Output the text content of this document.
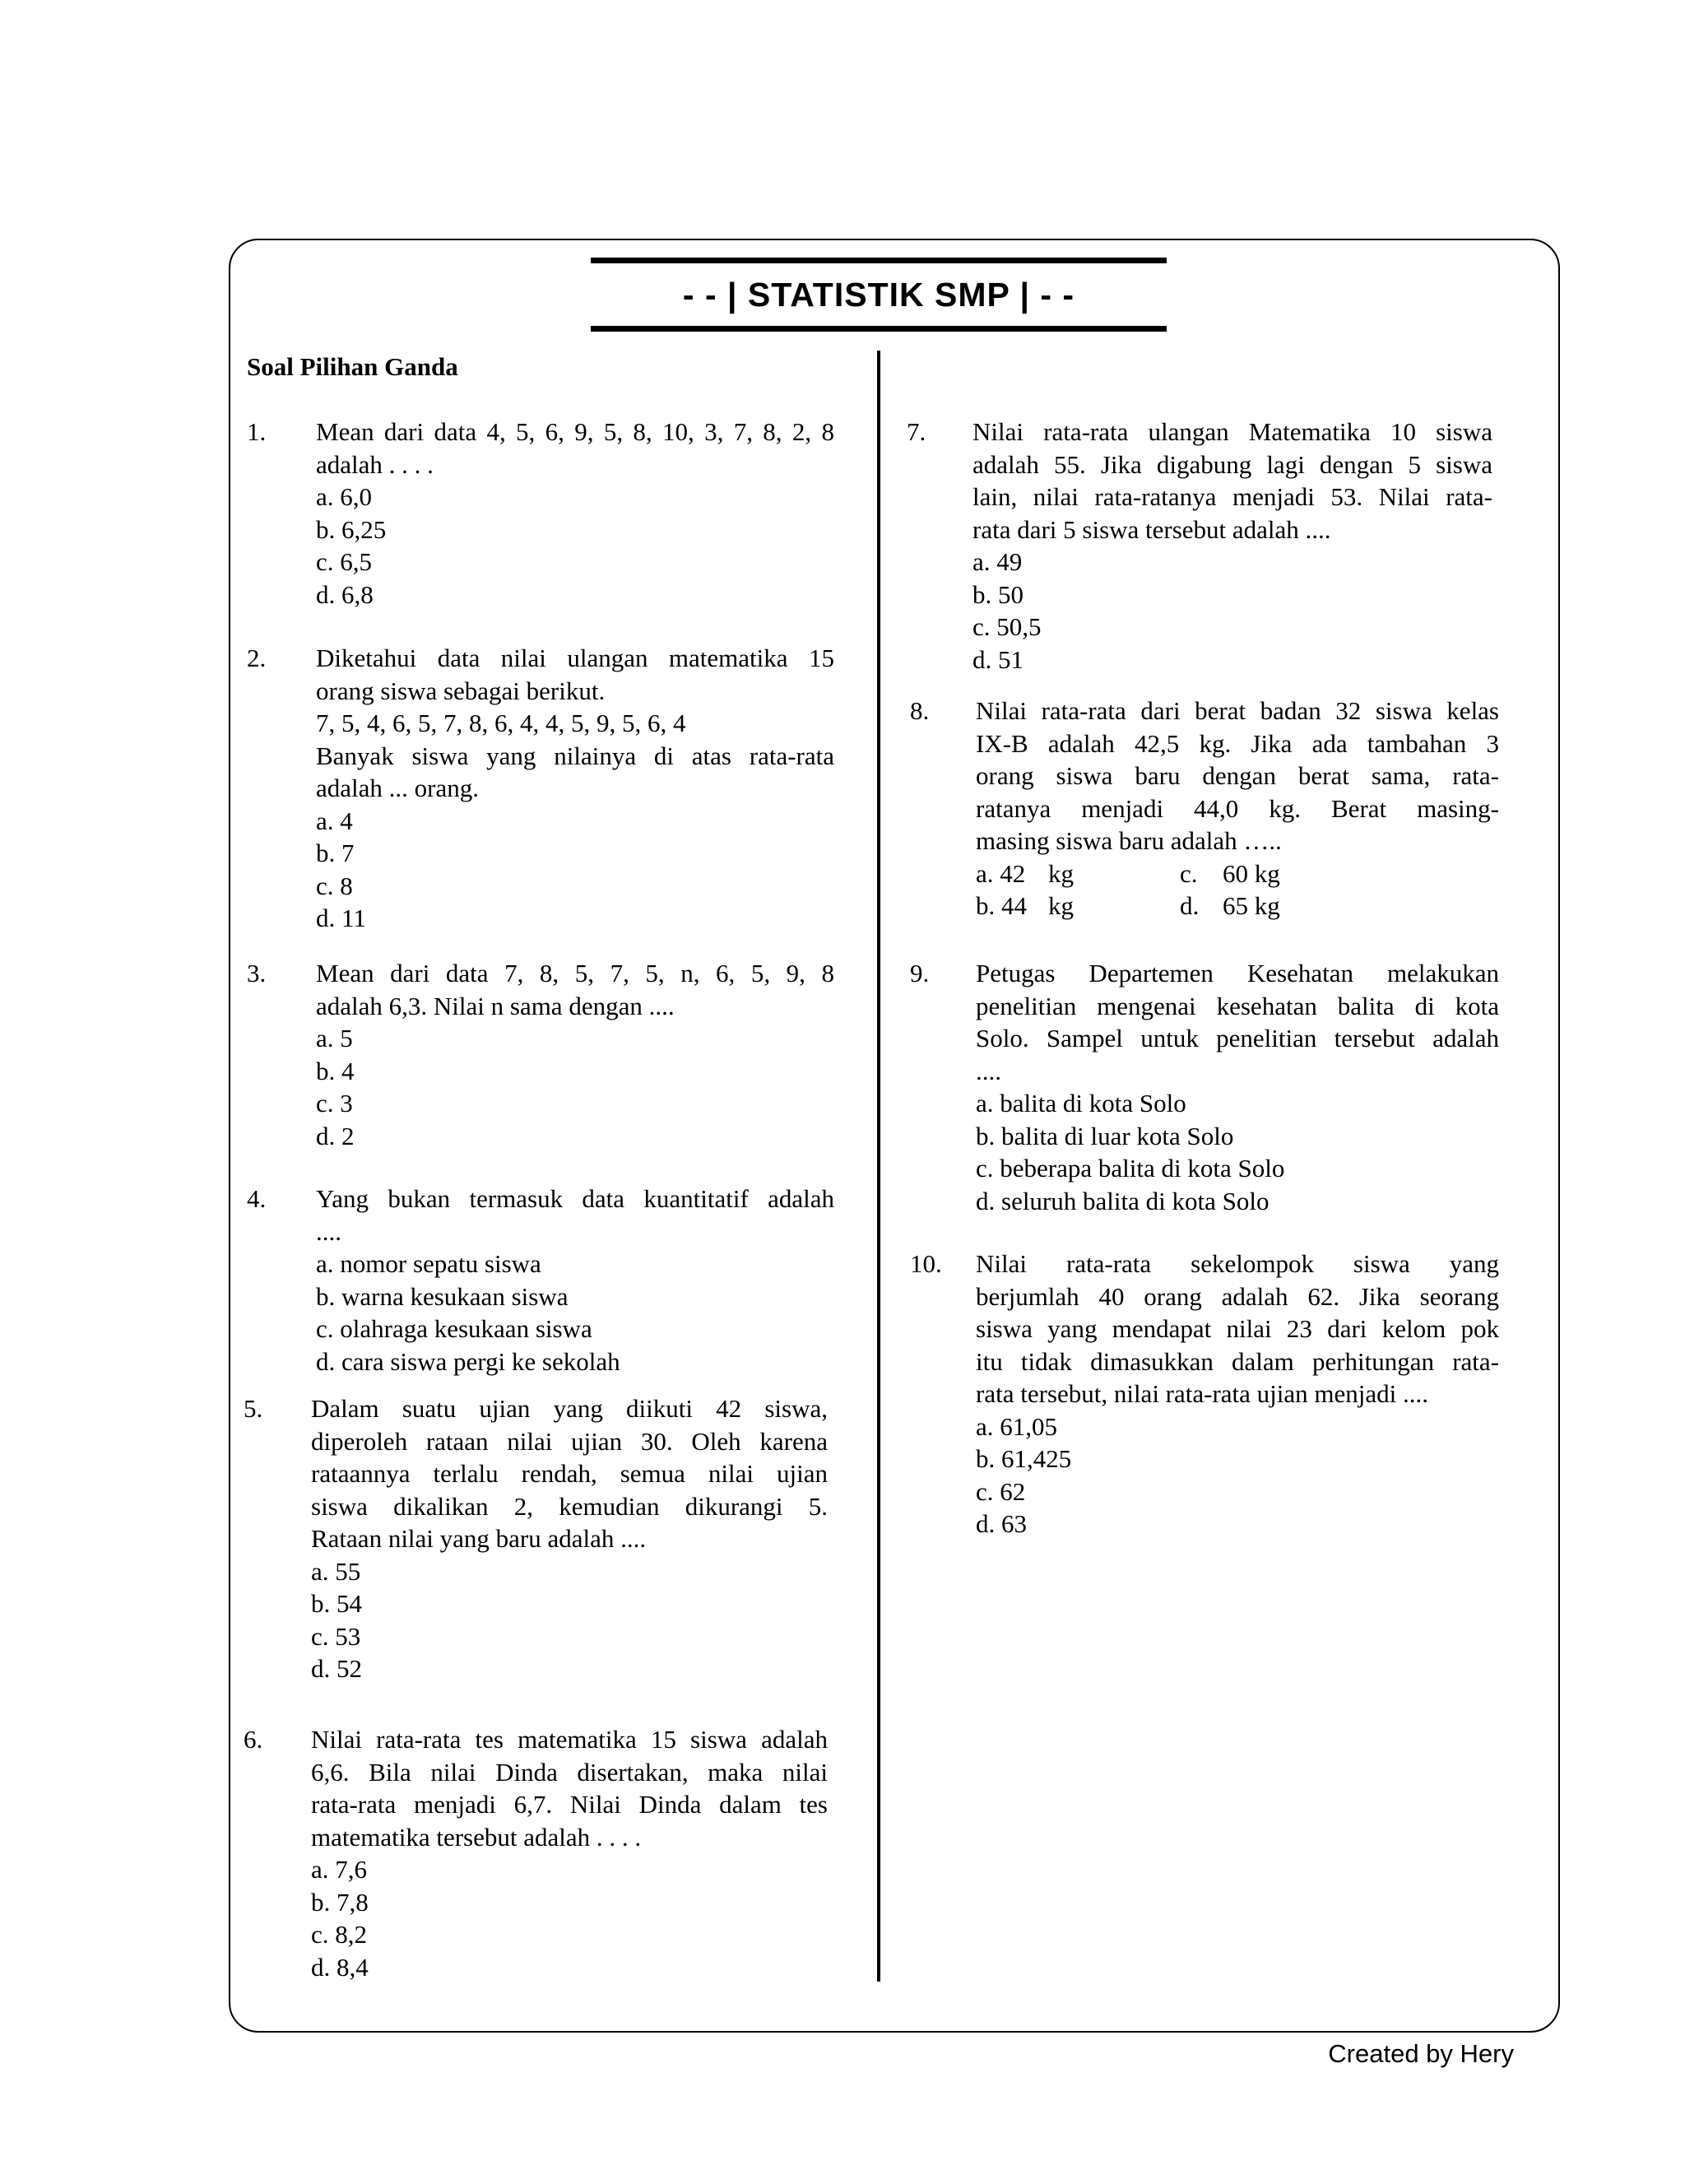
- - | STATISTIK SMP | - -
Soal Pilihan Ganda
1. Mean dari data 4, 5, 6, 9, 5, 8, 10, 3, 7, 8, 2, 8
adalah . . . .
a. 6,0
b. 6,25
c. 6,5
d. 6,8
2. Diketahui data nilai ulangan matematika 15
orang siswa sebagai berikut.
7, 5, 4, 6, 5, 7, 8, 6, 4, 4, 5, 9, 5, 6, 4
Banyak siswa yang nilainya di atas rata-rata
adalah ... orang.
a. 4
b. 7
c. 8
d. 11
3. Mean dari data 7, 8, 5, 7, 5, n, 6, 5, 9, 8
adalah 6,3. Nilai n sama dengan ....
a. 5
b. 4
c. 3
d. 2
4. Yang bukan termasuk data kuantitatif adalah
....
a. nomor sepatu siswa
b. warna kesukaan siswa
c. olahraga kesukaan siswa
d. cara siswa pergi ke sekolah
5. Dalam suatu ujian yang diikuti 42 siswa,
diperoleh rataan nilai ujian 30. Oleh karena
rataannya terlalu rendah, semua nilai ujian
siswa dikalikan 2, kemudian dikurangi 5.
Rataan nilai yang baru adalah ....
a. 55
b. 54
c. 53
d. 52
6. Nilai rata-rata tes matematika 15 siswa adalah
6,6. Bila nilai Dinda disertakan, maka nilai
rata-rata menjadi 6,7. Nilai Dinda dalam tes
matematika tersebut adalah . . . .
a. 7,6
b. 7,8
c. 8,2
d. 8,4
7. Nilai rata-rata ulangan Matematika 10 siswa
adalah 55. Jika digabung lagi dengan 5 siswa
lain, nilai rata-ratanya menjadi 53. Nilai rata-
rata dari 5 siswa tersebut adalah ....
a. 49
b. 50
c. 50,5
d. 51
8. Nilai rata-rata dari berat badan 32 siswa kelas
IX-B adalah 42,5 kg. Jika ada tambahan 3
orang siswa baru dengan berat sama, rata-
ratanya menjadi 44,0 kg. Berat masing-
masing siswa baru adalah …..
a. 42 kg	c. 60 kg
b. 44 kg	d. 65 kg
9. Petugas Departemen Kesehatan melakukan
penelitian mengenai kesehatan balita di kota
Solo. Sampel untuk penelitian tersebut adalah
....
a. balita di kota Solo
b. balita di luar kota Solo
c. beberapa balita di kota Solo
d. seluruh balita di kota Solo
10. Nilai rata-rata sekelompok siswa yang
berjumlah 40 orang adalah 62. Jika seorang
siswa yang mendapat nilai 23 dari kelom pok
itu tidak dimasukkan dalam perhitungan rata-
rata tersebut, nilai rata-rata ujian menjadi ....
a. 61,05
b. 61,425
c. 62
d. 63
Created by Hery
